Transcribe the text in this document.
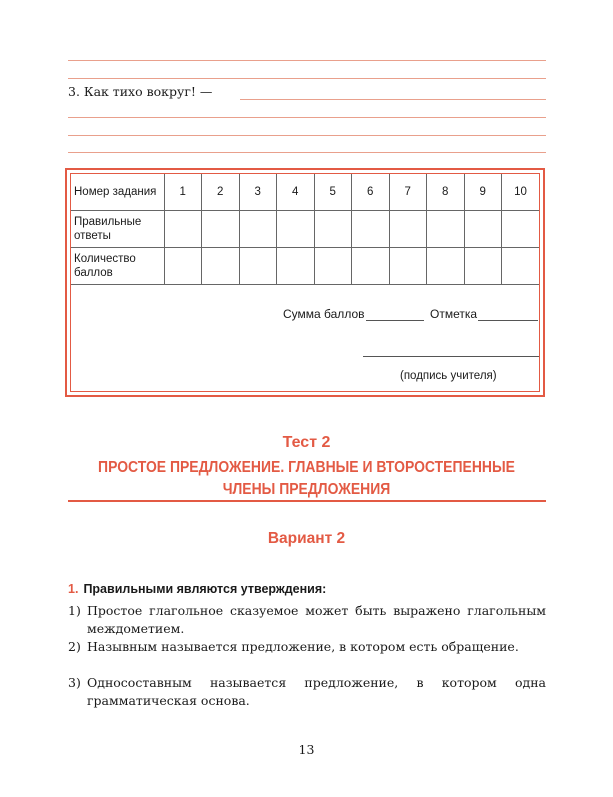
3. Как тихо вокруг! —
Номер задания	1	2	3	4	5	6	7	8	9	10
Правильные ответы										
Количество баллов										
Сумма баллов	Отметка
(подпись учителя)
Тест 2
ПРОСТОЕ ПРЕДЛОЖЕНИЕ. ГЛАВНЫЕ И ВТОРОСТЕПЕННЫЕ
ЧЛЕНЫ ПРЕДЛОЖЕНИЯ
Вариант 2
1. Правильными являются утверждения:
1) Простое глагольное сказуемое может быть выражено глагольным междометием.
2) Назывным называется предложение, в котором есть обращение.
3) Односоставным называется предложение, в котором одна грамматическая основа.
13
